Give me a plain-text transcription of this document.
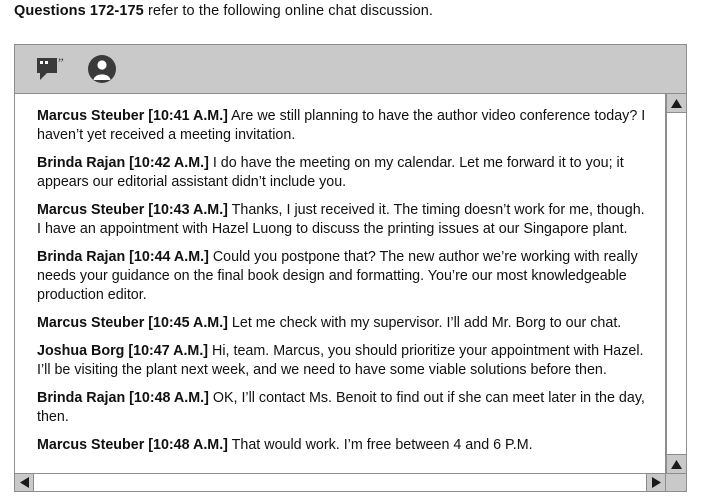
Questions 172-175 refer to the following online chat discussion.
”
Marcus Steuber [10:41 A.M.] Are we still planning to have the author video conference today? I haven’t yet received a meeting invitation.
Brinda Rajan [10:42 A.M.] I do have the meeting on my calendar. Let me forward it to you; it appears our editorial assistant didn’t include you.
Marcus Steuber [10:43 A.M.] Thanks, I just received it. The timing doesn’t work for me, though. I have an appointment with Hazel Luong to discuss the printing issues at our Singapore plant.
Brinda Rajan [10:44 A.M.] Could you postpone that? The new author we’re working with really needs your guidance on the final book design and formatting. You’re our most knowledgeable production editor.
Marcus Steuber [10:45 A.M.] Let me check with my supervisor. I’ll add Mr. Borg to our chat.
Joshua Borg [10:47 A.M.] Hi, team. Marcus, you should prioritize your appointment with Hazel. I’ll be visiting the plant next week, and we need to have some viable solutions before then.
Brinda Rajan [10:48 A.M.] OK, I’ll contact Ms. Benoit to find out if she can meet later in the day, then.
Marcus Steuber [10:48 A.M.] That would work. I’m free between 4 and 6 P.M.
